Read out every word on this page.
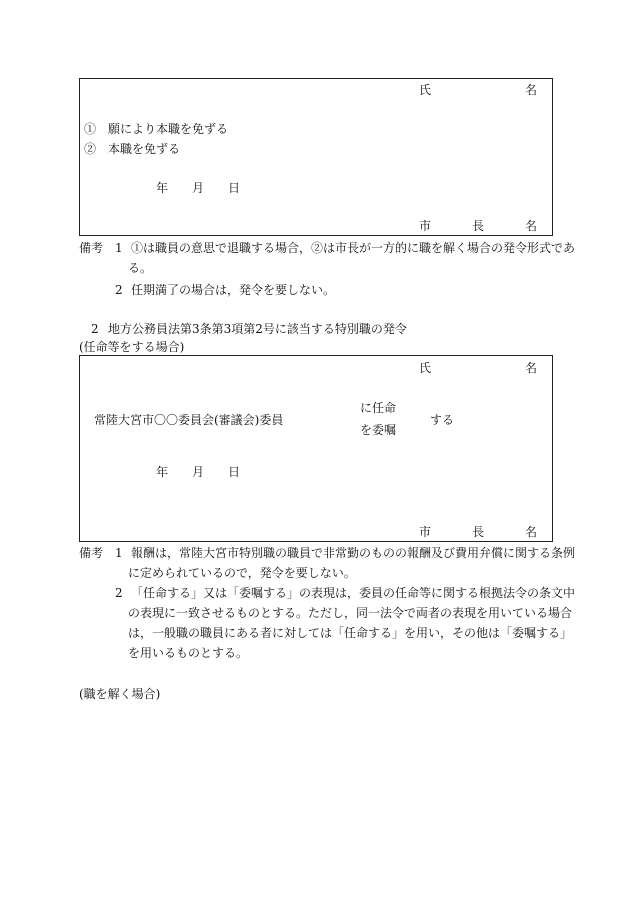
氏	名
①　願により本職を免ずる
②　本職を免ずる
年 月 日
市	長	名
備考 1 ①は職員の意思で退職する場合，②は市長が一方的に職を解く場合の発令形式であ
る。
2 任期満了の場合は，発令を要しない。
2 地方公務員法第3条第3項第2号に該当する特別職の発令
(任命等をする場合)
氏	名
常陸大宮市〇〇委員会(審議会)委員
に任命
を委嘱
する
年 月 日
市	長	名
備考 1 報酬は，常陸大宮市特別職の職員で非常勤のものの報酬及び費用弁償に関する条例
に定められているので，発令を要しない。
2 「任命する」又は「委嘱する」の表現は，委員の任命等に関する根拠法令の条文中
の表現に一致させるものとする。ただし，同一法令で両者の表現を用いている場合
は，一般職の職員にある者に対しては「任命する」を用い，その他は「委嘱する」
を用いるものとする。
(職を解く場合)
